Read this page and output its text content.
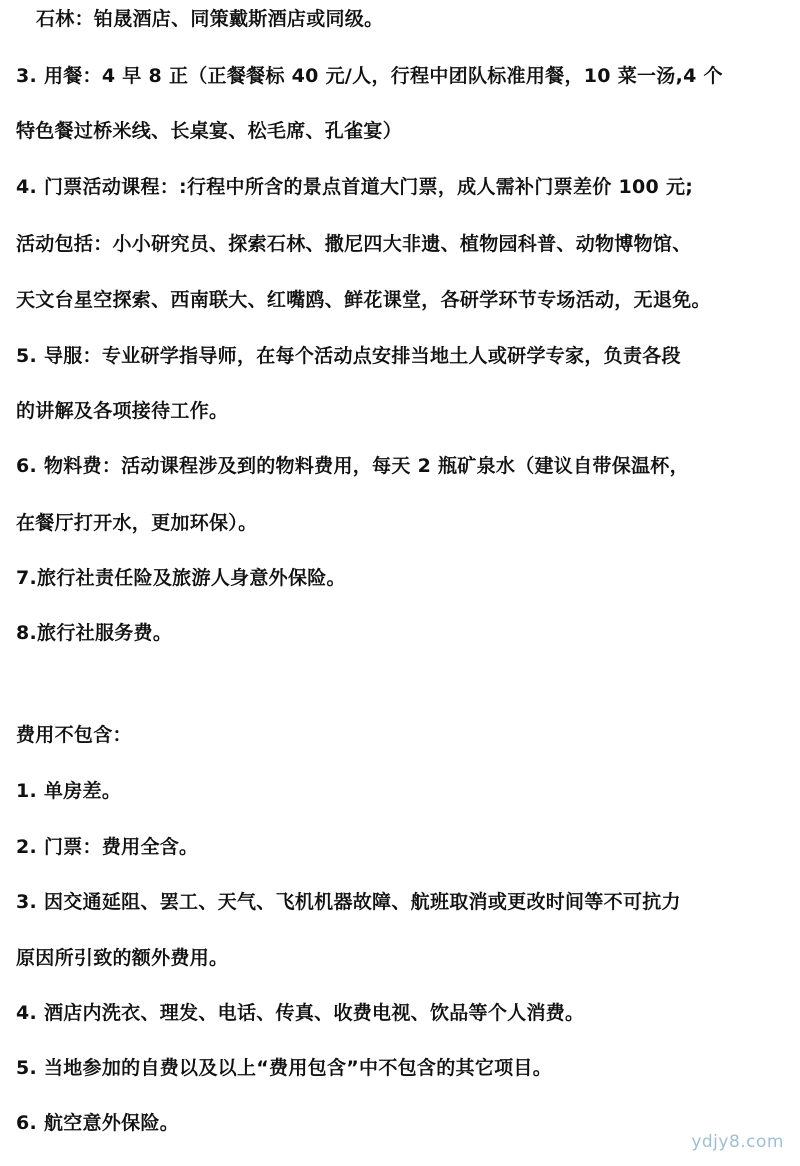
石林：铂晟酒店、同策戴斯酒店或同级。
3. 用餐：4 早 8 正（正餐餐标 40 元/人，行程中团队标准用餐，10 菜一汤,4 个
特色餐过桥米线、长桌宴、松毛席、孔雀宴）
4. 门票活动课程：:行程中所含的景点首道大门票，成人需补门票差价 100 元;
活动包括：小小研究员、探索石林、撒尼四大非遗、植物园科普、动物博物馆、
天文台星空探索、西南联大、红嘴鸥、鲜花课堂，各研学环节专场活动，无退免。
5. 导服：专业研学指导师，在每个活动点安排当地土人或研学专家，负责各段
的讲解及各项接待工作。
6. 物料费：活动课程涉及到的物料费用，每天 2 瓶矿泉水（建议自带保温杯，
在餐厅打开水，更加环保）。
7.旅行社责任险及旅游人身意外保险。
8.旅行社服务费。
费用不包含：
1. 单房差。
2. 门票：费用全含。
3. 因交通延阻、罢工、天气、飞机机器故障、航班取消或更改时间等不可抗力
原因所引致的额外费用。
4. 酒店内洗衣、理发、电话、传真、收费电视、饮品等个人消费。
5. 当地参加的自费以及以上“费用包含”中不包含的其它项目。
6. 航空意外保险。
ydjy8.com
